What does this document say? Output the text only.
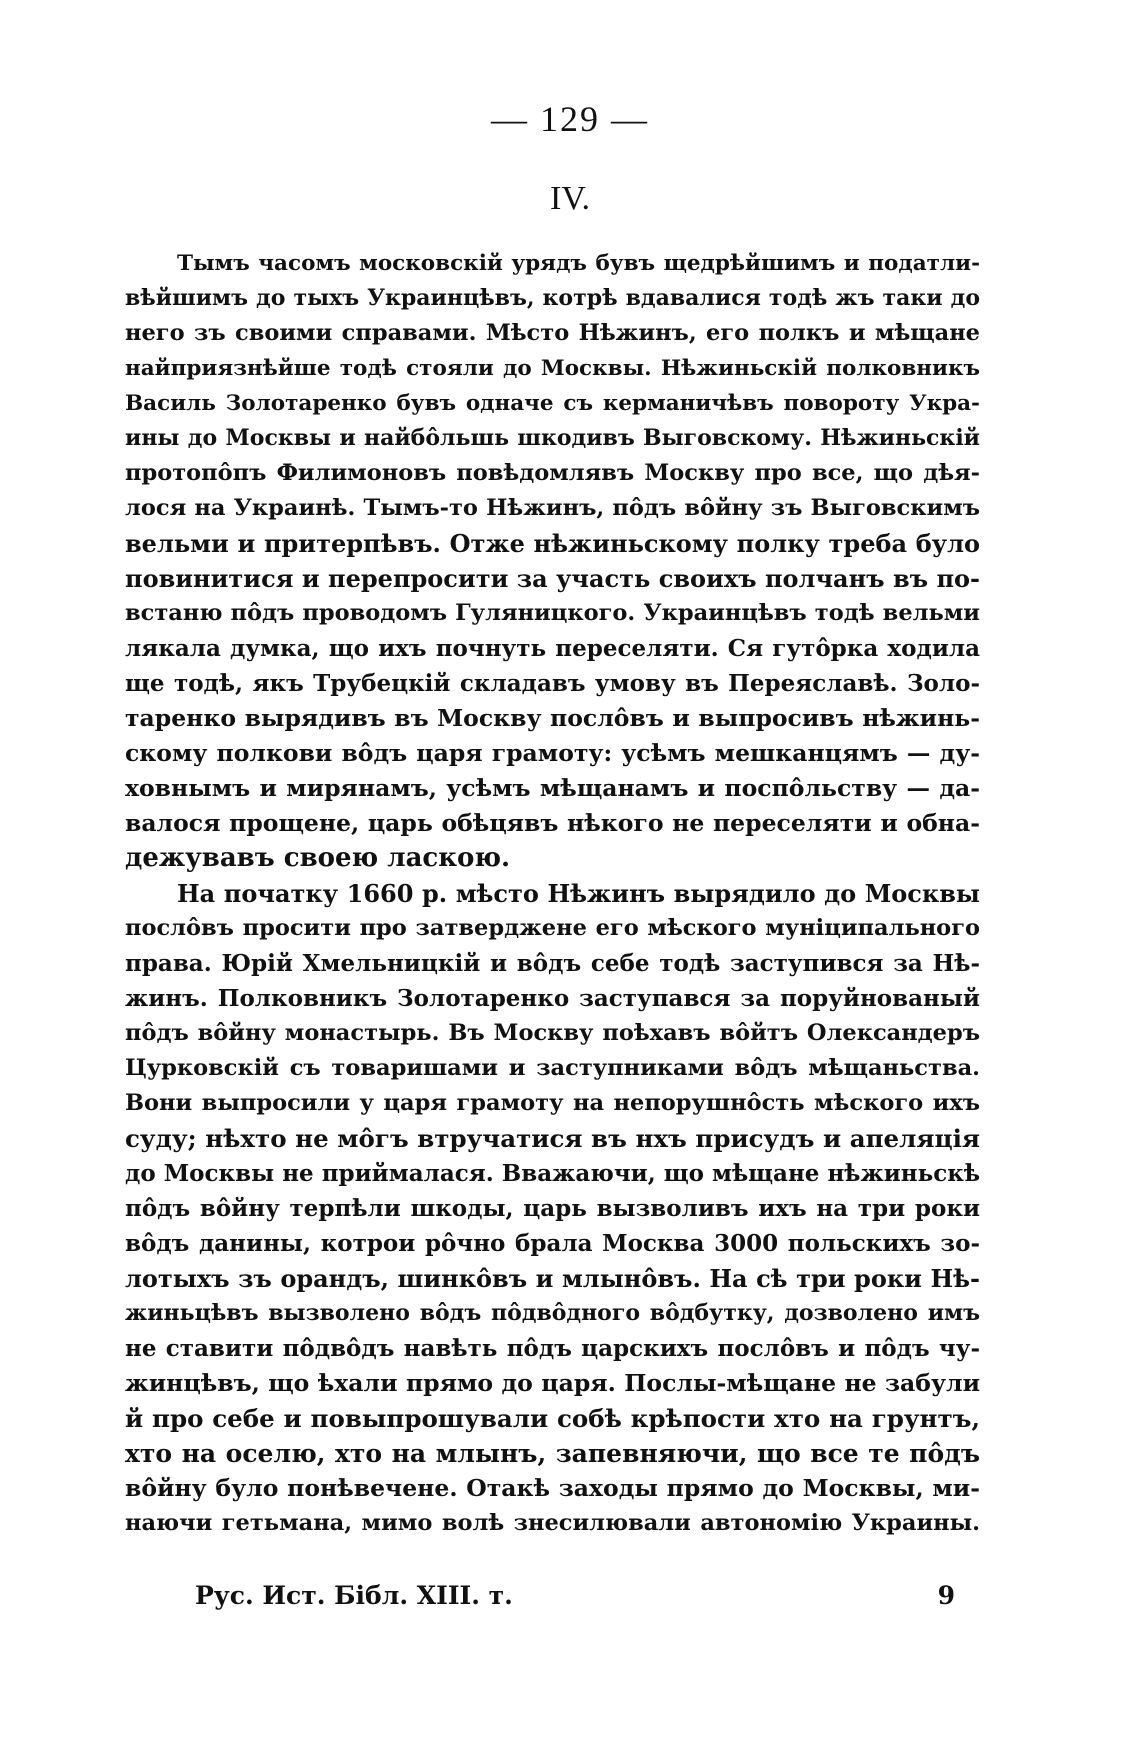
— 129 —
IV.
Тымъ часомъ московскій урядъ бувъ щедрѣйшимъ и податли-
вѣйшимъ до тыхъ Украинцѣвъ, котрѣ вдавалися тодѣ жъ таки до
него зъ своими справами. Мѣсто Нѣжинъ, его полкъ и мѣщане
найприязнѣйше тодѣ стояли до Москвы. Нѣжиньскій полковникъ
Василь Золотаренко бувъ одначе съ керманичѣвъ повороту Укра-
ины до Москвы и найбôльшь шкодивъ Выговскому. Нѣжиньскій
протопôпъ Филимоновъ повѣдомлявъ Москву про все, що дѣя-
лося на Украинѣ. Тымъ-то Нѣжинъ, пôдъ вôйну зъ Выговскимъ
вельми и притерпѣвъ. Отже нѣжиньскому полку треба було
повинитися и перепросити за участь своихъ полчанъ въ по-
встаню пôдъ проводомъ Гуляницкого. Украинцѣвъ тодѣ вельми
лякала думка, що ихъ почнуть переселяти. Ся гутôрка ходила
ще тодѣ, якъ Трубецкій складавъ умову въ Переяславѣ. Золо-
таренко вырядивъ въ Москву послôвъ и выпросивъ нѣжинь-
скому полкови вôдъ царя грамоту: усѣмъ мешканцямъ — ду-
ховнымъ и мирянамъ, усѣмъ мѣщанамъ и поспôльству — да-
валося прощене, царь обѣцявъ нѣкого не переселяти и обна-
дежувавъ своею ласкою.
На початку 1660 р. мѣсто Нѣжинъ вырядило до Москвы
послôвъ просити про затверджене его мѣского муніципального
права. Юрій Хмельницкій и вôдъ себе тодѣ заступився за Нѣ-
жинъ. Полковникъ Золотаренко заступався за поруйнованый
пôдъ вôйну монастырь. Въ Москву поѣхавъ вôйтъ Олександеръ
Цурковскій съ товаришами и заступниками вôдъ мѣщаньства.
Вони выпросили у царя грамоту на непорушнôсть мѣского ихъ
суду; нѣхто не мôгъ втручатися въ нхъ присудъ и апеляція
до Москвы не приймалася. Вважаючи, що мѣщане нѣжиньскѣ
пôдъ вôйну терпѣли шкоды, царь вызволивъ ихъ на три роки
вôдъ данины, котрои рôчно брала Москва 3000 польскихъ зо-
лотыхъ зъ орандъ, шинкôвъ и млынôвъ. На сѣ три роки Нѣ-
жиньцѣвъ вызволено вôдъ пôдвôдного вôдбутку, дозволено имъ
не ставити пôдвôдъ навѣть пôдъ царскихъ послôвъ и пôдъ чу-
жинцѣвъ, що ѣхали прямо до царя. Послы-мѣщане не забули
й про себе и повыпрошували собѣ крѣпости хто на грунтъ,
хто на оселю, хто на млынъ, запевняючи, що все те пôдъ
вôйну було понѣвечене. Отакѣ заходы прямо до Москвы, ми-
наючи гетьмана, мимо волѣ знесилювали автономію Украины.
Рус. Ист. Бібл. XIII. т.	9
